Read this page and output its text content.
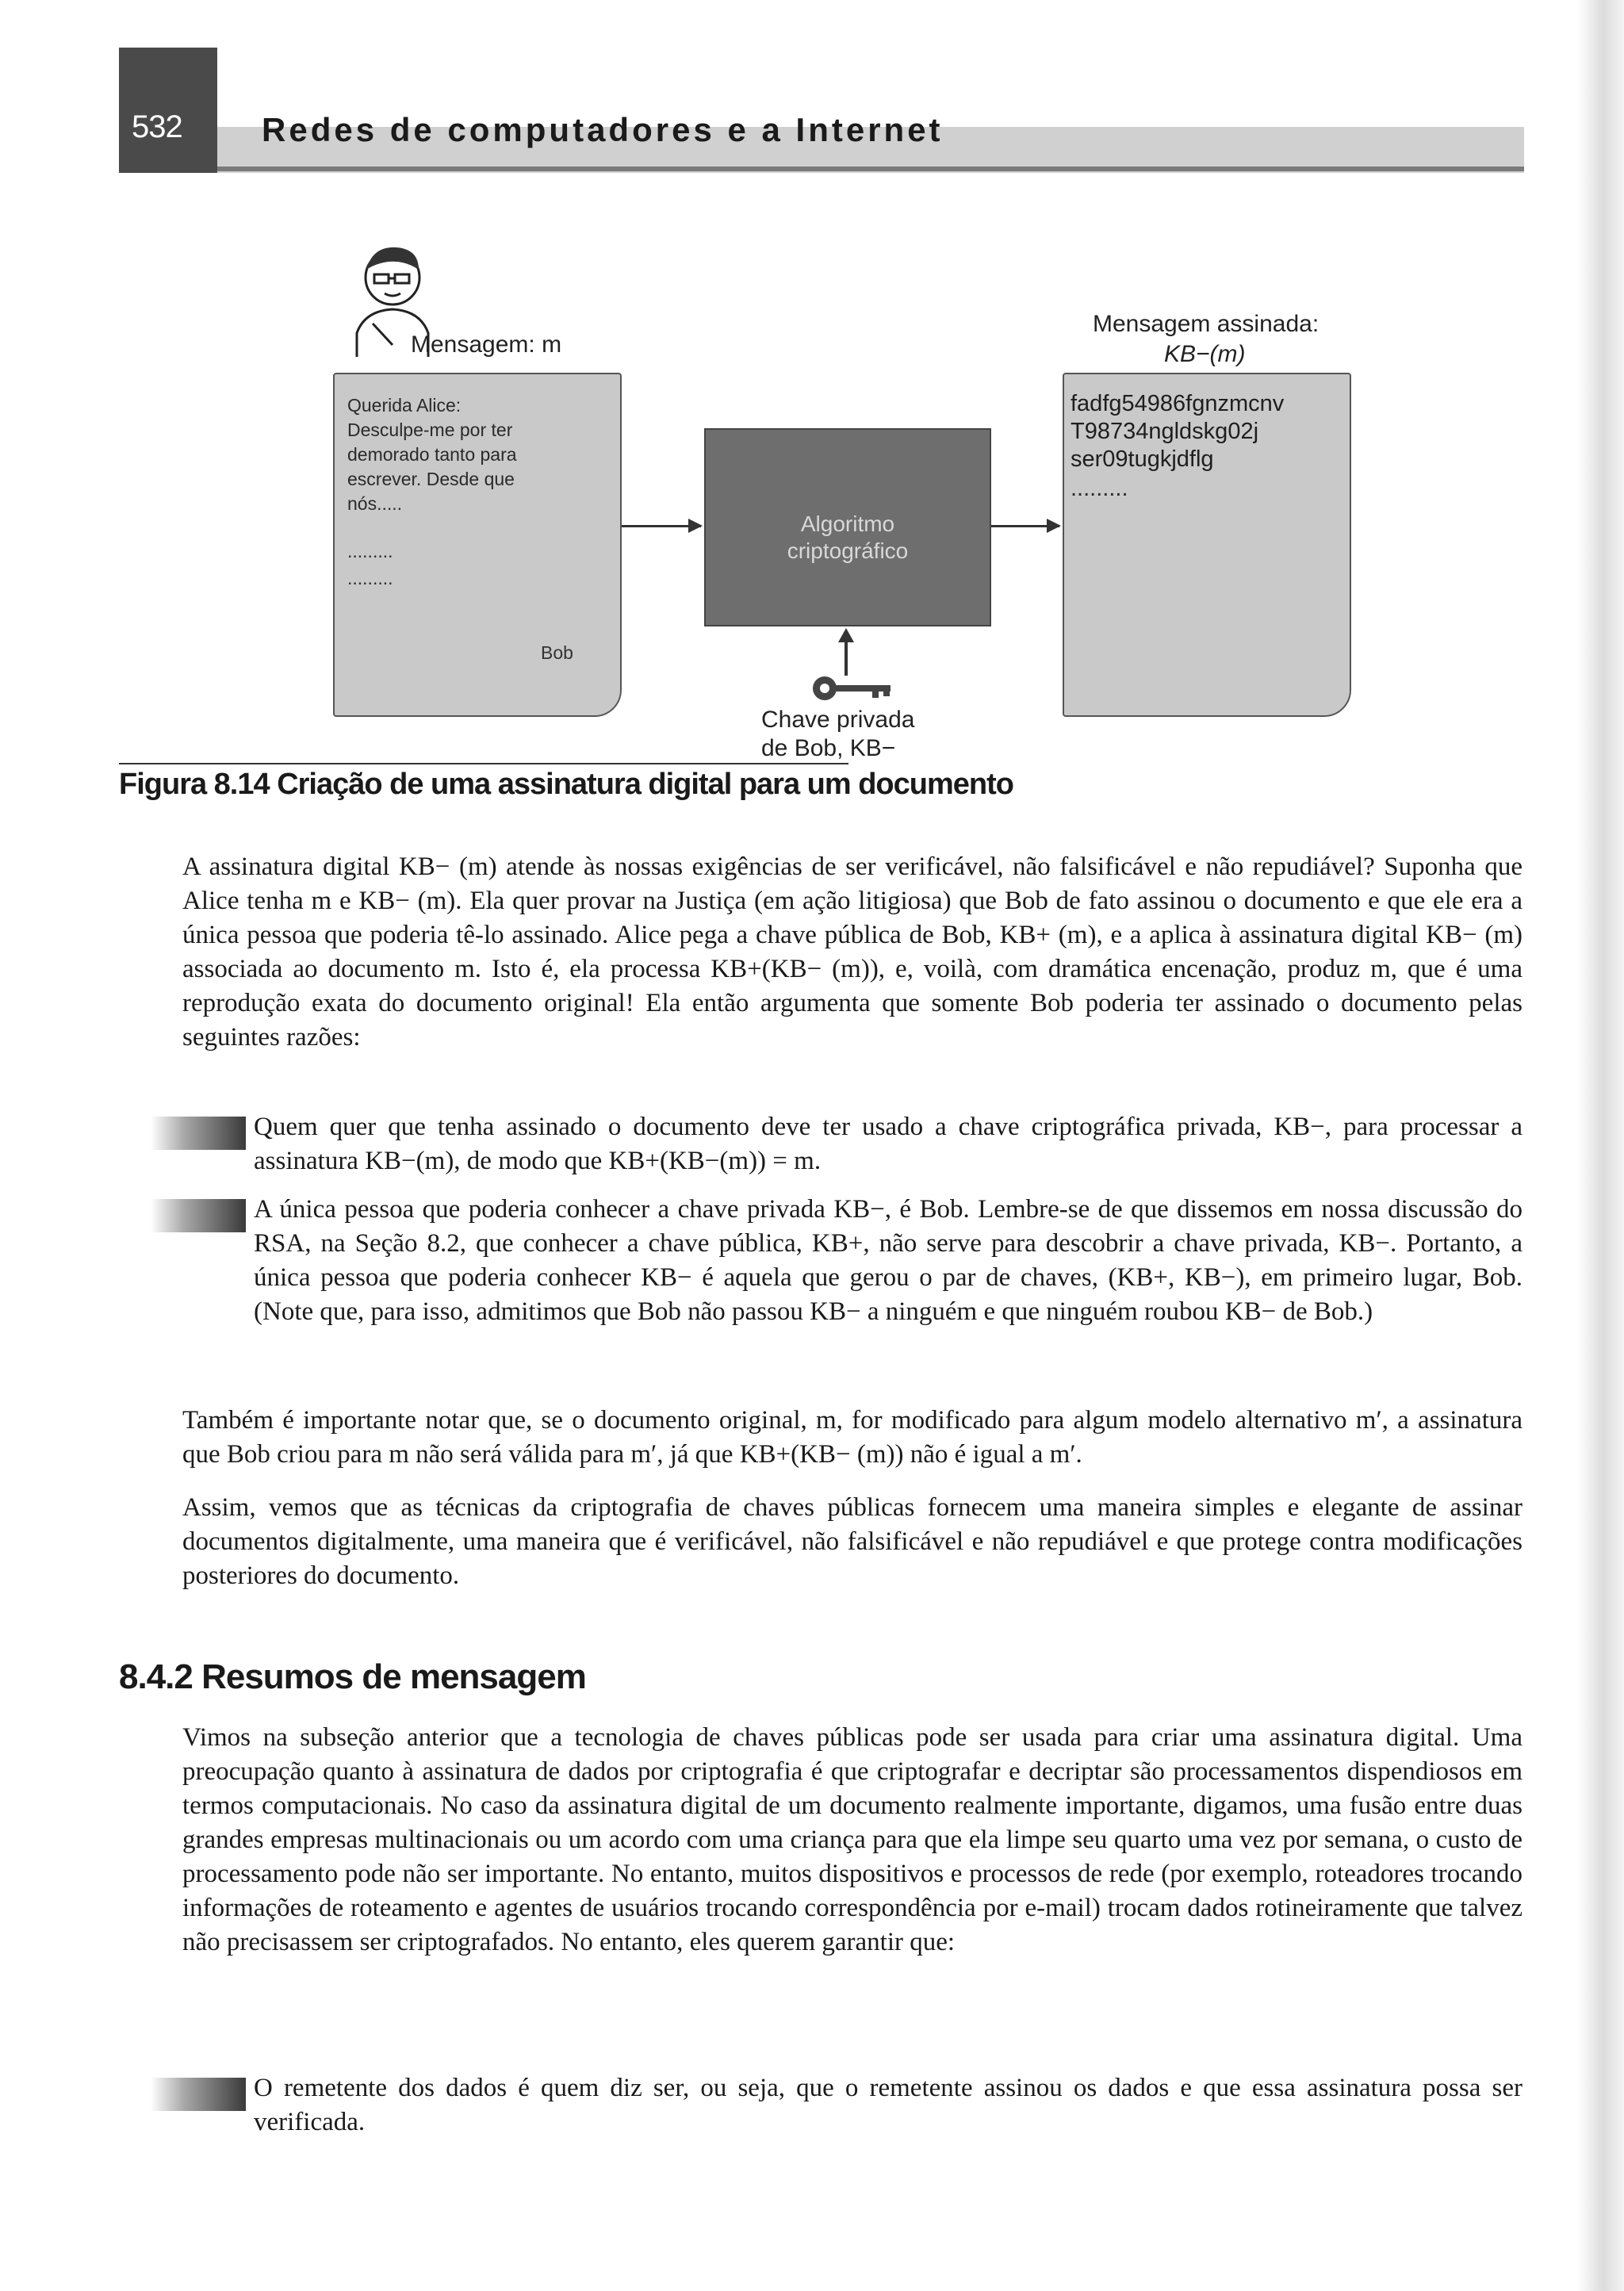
532 Redes de computadores e a Internet
Mensagem: m
Querida Alice:
Desculpe-me por ter
demorado tanto para
escrever. Desde que
nós.....
.........
.........
Bob
Algoritmo
criptográfico
Chave privada
de Bob, KB−
Mensagem assinada:
KB−(m)
fadfg54986fgnzmcnv
T98734ngldskg02j
ser09tugkjdflg
.........
Figura 8.14 Criação de uma assinatura digital para um documento
A assinatura digital KB− (m) atende às nossas exigências de ser verificável, não falsificável e não repudiável? Suponha que Alice tenha m e KB− (m). Ela quer provar na Justiça (em ação litigiosa) que Bob de fato assinou o documento e que ele era a única pessoa que poderia tê-lo assinado. Alice pega a chave pública de Bob, KB+ (m), e a aplica à assinatura digital KB− (m) associada ao documento m. Isto é, ela processa KB+(KB− (m)), e, voilà, com dramática encenação, produz m, que é uma reprodução exata do documento original! Ela então argumenta que somente Bob poderia ter assinado o documento pelas seguintes razões:
Quem quer que tenha assinado o documento deve ter usado a chave criptográfica privada, KB−, para processar a assinatura KB−(m), de modo que KB+(KB−(m)) = m.
A única pessoa que poderia conhecer a chave privada KB−, é Bob. Lembre-se de que dissemos em nossa discussão do RSA, na Seção 8.2, que conhecer a chave pública, KB+, não serve para descobrir a chave privada, KB−. Portanto, a única pessoa que poderia conhecer KB− é aquela que gerou o par de chaves, (KB+, KB−), em primeiro lugar, Bob. (Note que, para isso, admitimos que Bob não passou KB− a ninguém e que ninguém roubou KB− de Bob.)
Também é importante notar que, se o documento original, m, for modificado para algum modelo alternativo m′, a assinatura que Bob criou para m não será válida para m′, já que KB+(KB− (m)) não é igual a m′.
Assim, vemos que as técnicas da criptografia de chaves públicas fornecem uma maneira simples e elegante de assinar documentos digitalmente, uma maneira que é verificável, não falsificável e não repudiável e que protege contra modificações posteriores do documento.
8.4.2 Resumos de mensagem
Vimos na subseção anterior que a tecnologia de chaves públicas pode ser usada para criar uma assinatura digital. Uma preocupação quanto à assinatura de dados por criptografia é que criptografar e decriptar são processamentos dispendiosos em termos computacionais. No caso da assinatura digital de um documento realmente importante, digamos, uma fusão entre duas grandes empresas multinacionais ou um acordo com uma criança para que ela limpe seu quarto uma vez por semana, o custo de processamento pode não ser importante. No entanto, muitos dispositivos e processos de rede (por exemplo, roteadores trocando informações de roteamento e agentes de usuários trocando correspondência por e-mail) trocam dados rotineiramente que talvez não precisassem ser criptografados. No entanto, eles querem garantir que:
O remetente dos dados é quem diz ser, ou seja, que o remetente assinou os dados e que essa assinatura possa ser verificada.
